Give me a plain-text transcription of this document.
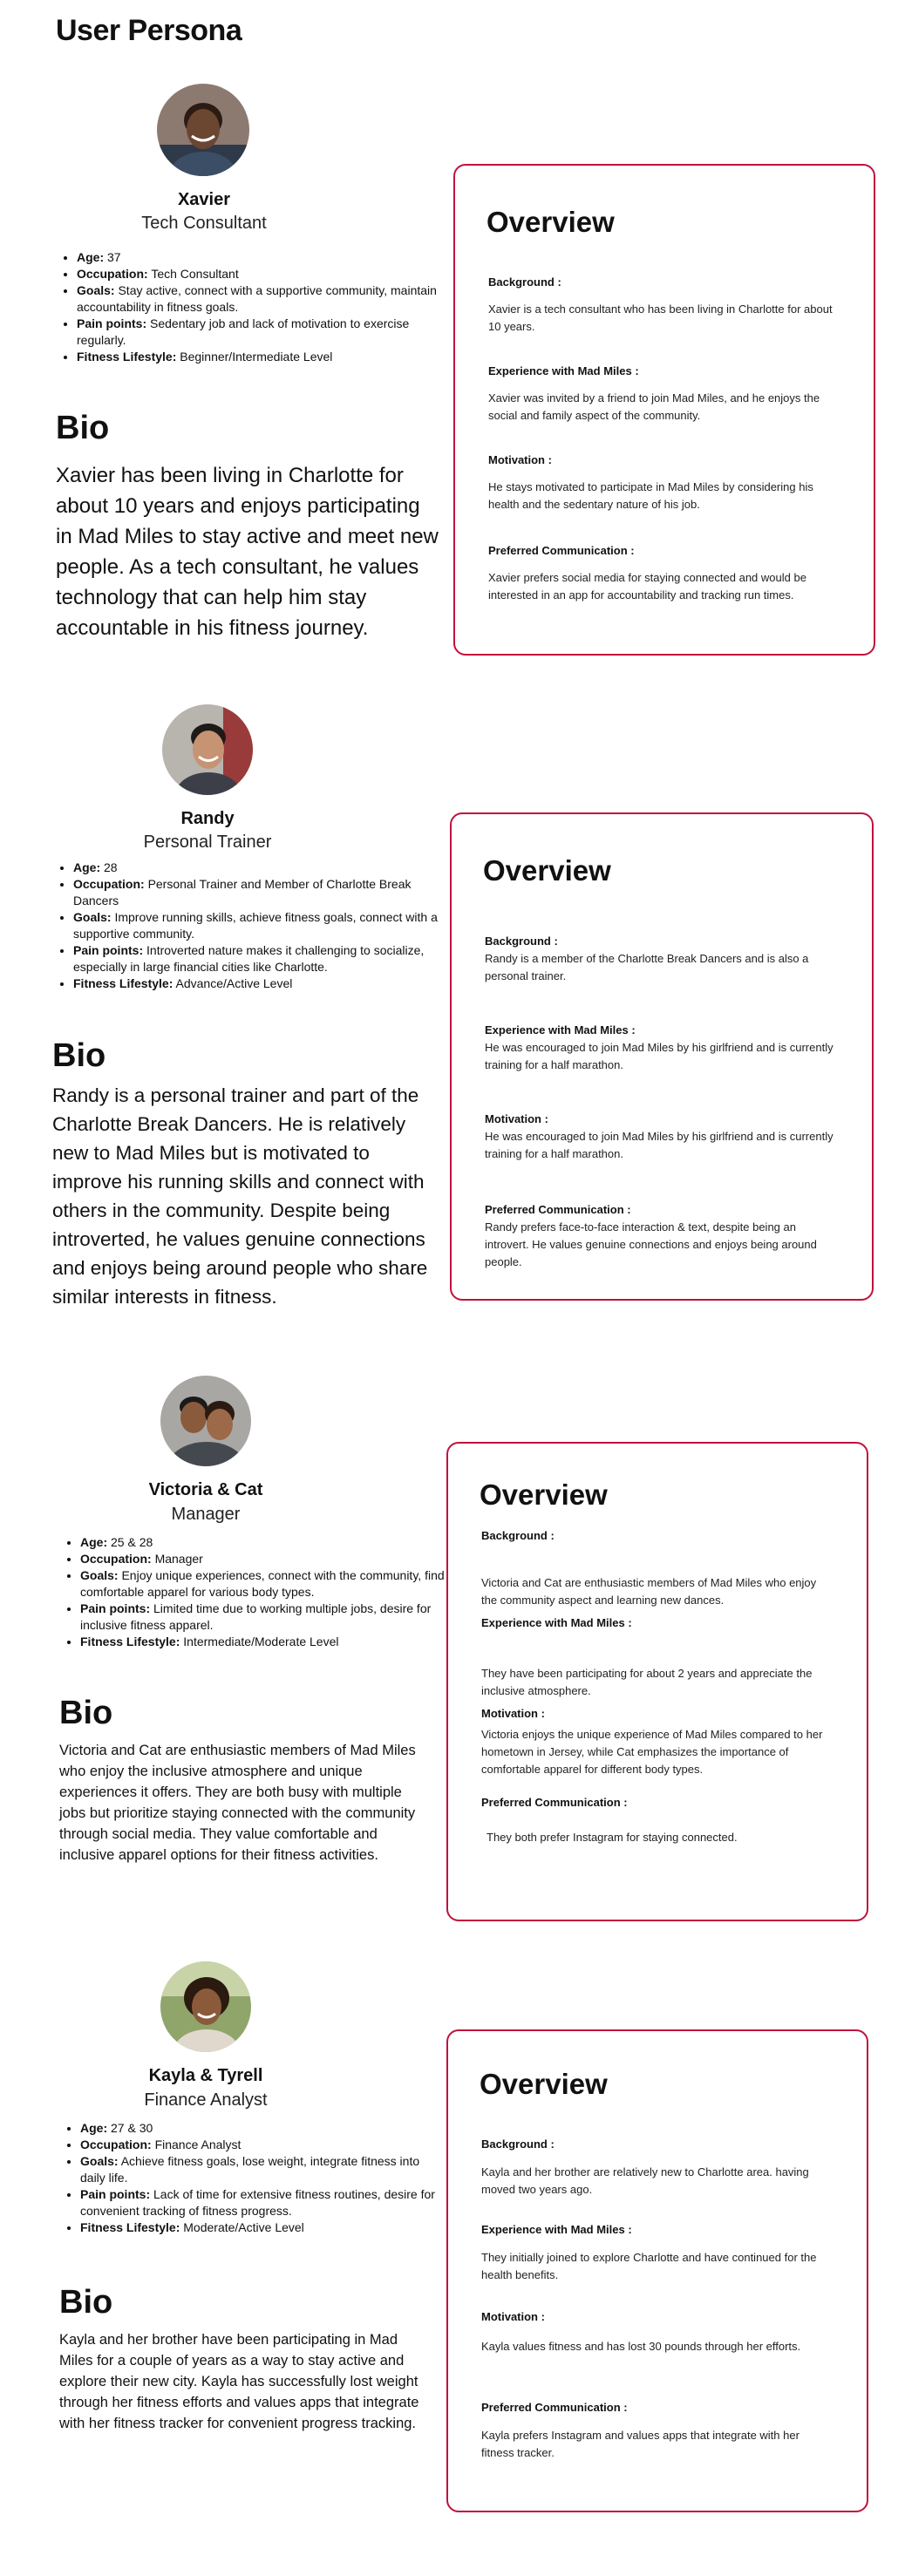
User Persona
Xavier
Tech Consultant
• Age: 37
• Occupation: Tech Consultant
• Goals: Stay active, connect with a supportive community, maintain accountability in fitness goals.
• Pain points: Sedentary job and lack of motivation to exercise regularly.
• Fitness Lifestyle: Beginner/Intermediate Level
Bio

Xavier has been living in Charlotte for about 10 years and enjoys participating in Mad Miles to stay active and meet new people. As a tech consultant, he values technology that can help him stay accountable in his fitness journey.

Overview
Background :
Xavier is a tech consultant who has been living in Charlotte for about 10 years.
Experience with Mad Miles :
Xavier was invited by a friend to join Mad Miles, and he enjoys the social and family aspect of the community.
Motivation :
He stays motivated to participate in Mad Miles by considering his health and the sedentary nature of his job.
Preferred Communication :
Xavier prefers social media for staying connected and would be interested in an app for accountability and tracking run times.
Randy
Personal Trainer
• Age: 28
• Occupation: Personal Trainer and Member of Charlotte Break Dancers
• Goals: Improve running skills, achieve fitness goals, connect with a supportive community.
• Pain points: Introverted nature makes it challenging to socialize, especially in large financial cities like Charlotte.
• Fitness Lifestyle: Advance/Active Level
Bio

Randy is a personal trainer and part of the Charlotte Break Dancers. He is relatively new to Mad Miles but is motivated to improve his running skills and connect with others in the community. Despite being introverted, he values genuine connections and enjoys being around people who share similar interests in fitness.

Overview
Background :
Randy is a member of the Charlotte Break Dancers and is also a personal trainer.
Experience with Mad Miles :
He was encouraged to join Mad Miles by his girlfriend and is currently training for a half marathon.
Motivation :
He was encouraged to join Mad Miles by his girlfriend and is currently training for a half marathon.
Preferred Communication :
Randy prefers face-to-face interaction & text, despite being an introvert. He values genuine connections and enjoys being around people.
Victoria & Cat
Manager
• Age: 25 & 28
• Occupation: Manager
• Goals: Enjoy unique experiences, connect with the community, find comfortable apparel for various body types.
• Pain points: Limited time due to working multiple jobs, desire for inclusive fitness apparel.
• Fitness Lifestyle: Intermediate/Moderate Level
Bio

Victoria and Cat are enthusiastic members of Mad Miles who enjoy the inclusive atmosphere and unique experiences it offers. They are both busy with multiple jobs but prioritize staying connected with the community through social media. They value comfortable and inclusive apparel options for their fitness activities.

Overview
Background :
Victoria and Cat are enthusiastic members of Mad Miles who enjoy the community aspect and learning new dances.
Experience with Mad Miles :
They have been participating for about 2 years and appreciate the inclusive atmosphere.
Motivation :
Victoria enjoys the unique experience of Mad Miles compared to her hometown in Jersey, while Cat emphasizes the importance of comfortable apparel for different body types.
Preferred Communication :
They both prefer Instagram for staying connected.
Kayla & Tyrell
Finance Analyst
• Age: 27 & 30
• Occupation: Finance Analyst
• Goals: Achieve fitness goals, lose weight, integrate fitness into daily life.
• Pain points: Lack of time for extensive fitness routines, desire for convenient tracking of fitness progress.
• Fitness Lifestyle: Moderate/Active Level
Bio

Kayla and her brother have been participating in Mad Miles for a couple of years as a way to stay active and explore their new city. Kayla has successfully lost weight through her fitness efforts and values apps that integrate with her fitness tracker for convenient progress tracking.

Overview
Background :
Kayla and her brother are relatively new to Charlotte area. having moved two years ago.
Experience with Mad Miles :
They initially joined to explore Charlotte and have continued for the health benefits.
Motivation :
Kayla values fitness and has lost 30 pounds through her efforts.
Preferred Communication :
Kayla prefers Instagram and values apps that integrate with her fitness tracker.
